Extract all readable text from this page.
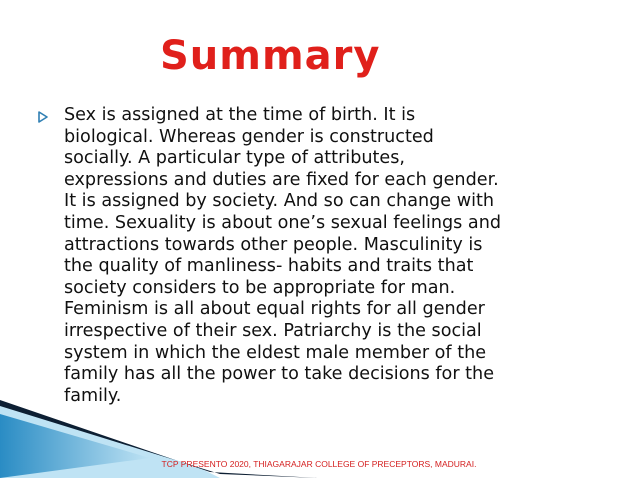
Summary

Sex is assigned at the time of birth. It is
biological. Whereas gender is constructed
socially. A particular type of attributes,
expressions and duties are fixed for each gender.
It is assigned by society. And so can change with
time. Sexuality is about one’s sexual feelings and
attractions towards other people. Masculinity is
the quality of manliness- habits and traits that
society considers to be appropriate for man.
Feminism is all about equal rights for all gender
irrespective of their sex. Patriarchy is the social
system in which the eldest male member of the
family has all the power to take decisions for the
family.

TCP PRESENTO 2020, THIAGARAJAR COLLEGE OF PRECEPTORS, MADURAI.
